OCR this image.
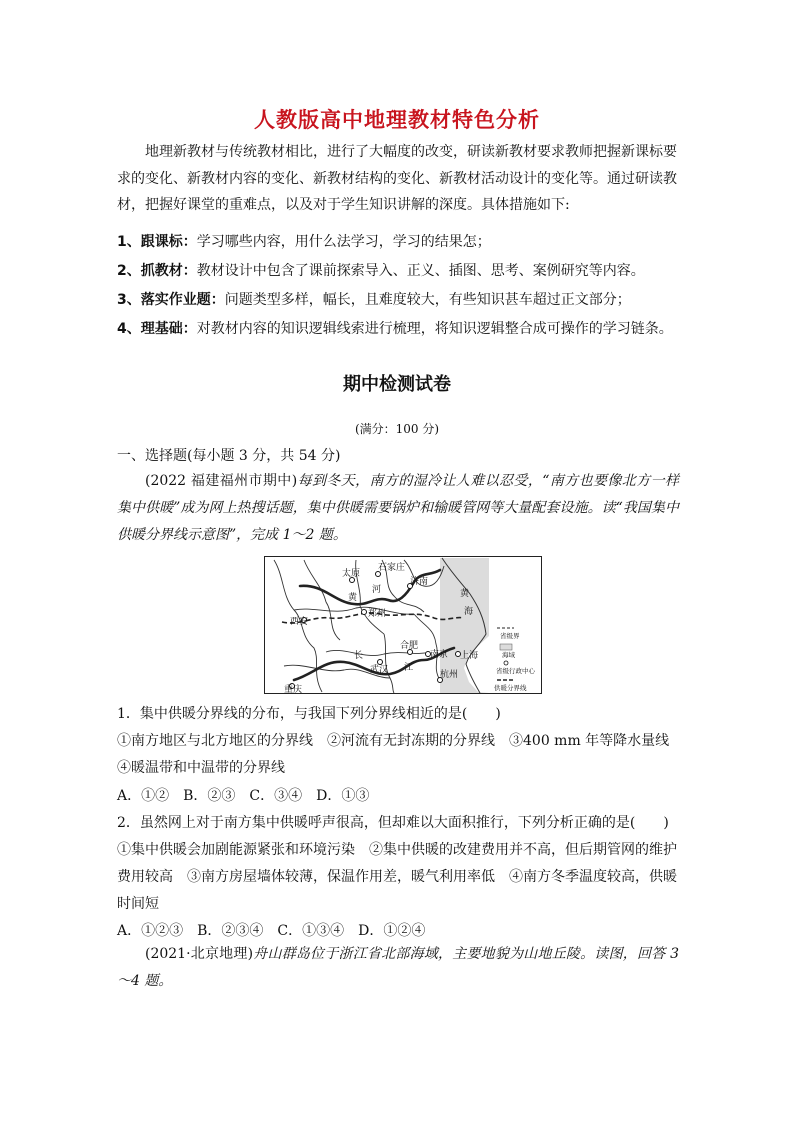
人教版高中地理教材特色分析
地理新教材与传统教材相比，进行了大幅度的改变，研读新教材要求教师把握新课标要求的变化、新教材内容的变化、新教材结构的变化、新教材活动设计的变化等。通过研读教材，把握好课堂的重难点，以及对于学生知识讲解的深度。具体措施如下:
1、跟课标：学习哪些内容，用什么法学习，学习的结果怎；
2、抓教材：教材设计中包含了课前探索导入、正义、插图、思考、案例研究等内容。
3、落实作业题：问题类型多样，幅长，且难度较大，有些知识甚车超过正文部分；
4、理基础：对教材内容的知识逻辑线索进行梳理，将知识逻辑整合成可操作的学习链条。
期中检测试卷
(满分：100 分)
一、选择题(每小题 3 分，共 54 分)
(2022 福建福州市期中)每到冬天，南方的湿冷让人难以忍受，“南方也要像北方一样集中供暖”成为网上热搜话题，集中供暖需要锅炉和输暖管网等大量配套设施。读“我国集中供暖分界线示意图”，完成 1～2 题。
郑州
太原
石家庄
济南
西安
合肥
南京 上海
武汉	杭州
重庆
黄
河
长
江
黄
海
省级界
海域
省级行政中心
供暖分界线
1．集中供暖分界线的分布，与我国下列分界线相近的是(　　)
①南方地区与北方地区的分界线　②河流有无封冻期的分界线　③400 mm 年等降水量线
④暖温带和中温带的分界线
A．①②　B．②③　C．③④　D．①③
2．虽然网上对于南方集中供暖呼声很高，但却难以大面积推行，下列分析正确的是(　　)
①集中供暖会加剧能源紧张和环境污染　②集中供暖的改建费用并不高，但后期管网的维护
费用较高　③南方房屋墙体较薄，保温作用差，暖气利用率低　④南方冬季温度较高，供暖
时间短
A．①②③　B．②③④　C．①③④　D．①②④
(2021·北京地理)舟山群岛位于浙江省北部海域，主要地貌为山地丘陵。读图，回答 3～4 题。
